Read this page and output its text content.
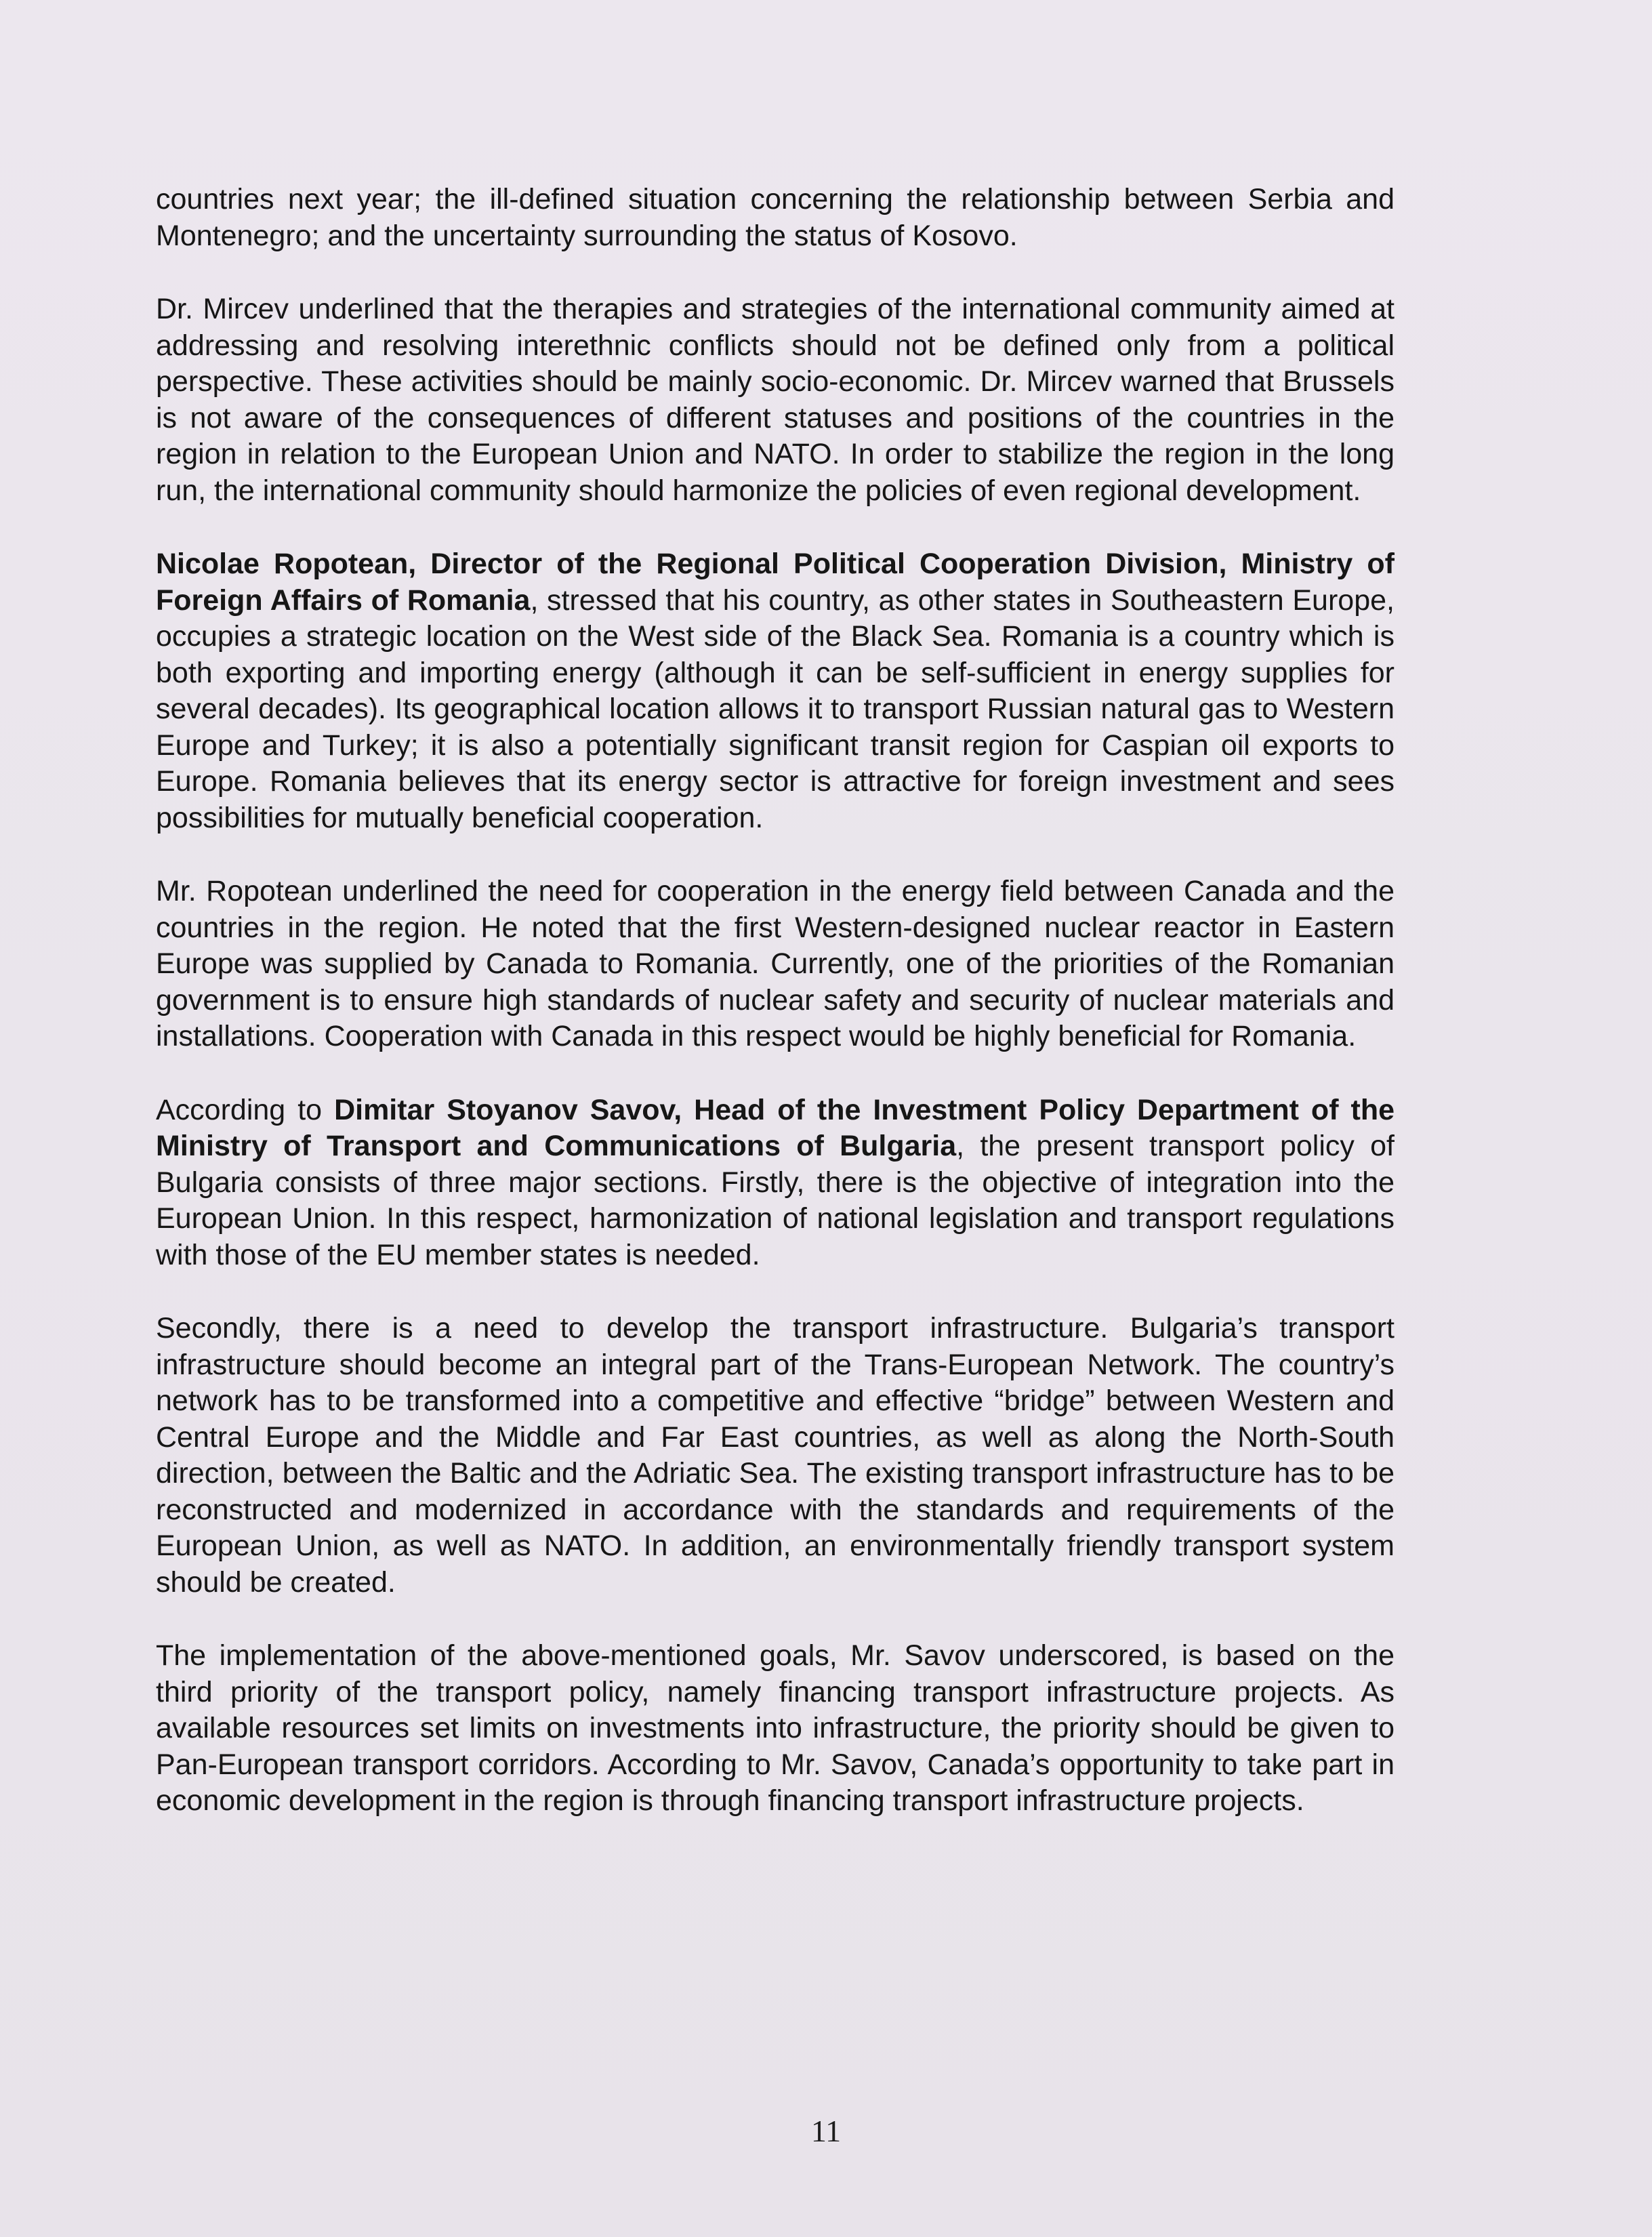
countries next year; the ill-defined situation concerning the relationship between Serbia and Montenegro; and the uncertainty surrounding the status of Kosovo.

Dr. Mircev underlined that the therapies and strategies of the international community aimed at addressing and resolving interethnic conflicts should not be defined only from a political perspective. These activities should be mainly socio-economic. Dr. Mircev warned that Brussels is not aware of the consequences of different statuses and positions of the countries in the region in relation to the European Union and NATO. In order to stabilize the region in the long run, the international community should harmonize the policies of even regional development.

Nicolae Ropotean, Director of the Regional Political Cooperation Division, Ministry of Foreign Affairs of Romania, stressed that his country, as other states in Southeastern Europe, occupies a strategic location on the West side of the Black Sea. Romania is a country which is both exporting and importing energy (although it can be self-sufficient in energy supplies for several decades). Its geographical location allows it to transport Russian natural gas to Western Europe and Turkey; it is also a potentially significant transit region for Caspian oil exports to Europe. Romania believes that its energy sector is attractive for foreign investment and sees possibilities for mutually beneficial cooperation.

Mr. Ropotean underlined the need for cooperation in the energy field between Canada and the countries in the region. He noted that the first Western-designed nuclear reactor in Eastern Europe was supplied by Canada to Romania. Currently, one of the priorities of the Romanian government is to ensure high standards of nuclear safety and security of nuclear materials and installations. Cooperation with Canada in this respect would be highly beneficial for Romania.

According to Dimitar Stoyanov Savov, Head of the Investment Policy Department of the Ministry of Transport and Communications of Bulgaria, the present transport policy of Bulgaria consists of three major sections. Firstly, there is the objective of integration into the European Union. In this respect, harmonization of national legislation and transport regulations with those of the EU member states is needed.

Secondly, there is a need to develop the transport infrastructure. Bulgaria’s transport infrastructure should become an integral part of the Trans-European Network. The country’s network has to be transformed into a competitive and effective “bridge” between Western and Central Europe and the Middle and Far East countries, as well as along the North-South direction, between the Baltic and the Adriatic Sea. The existing transport infrastructure has to be reconstructed and modernized in accordance with the standards and requirements of the European Union, as well as NATO. In addition, an environmentally friendly transport system should be created.

The implementation of the above-mentioned goals, Mr. Savov underscored, is based on the third priority of the transport policy, namely financing transport infrastructure projects. As available resources set limits on investments into infrastructure, the priority should be given to Pan-European transport corridors. According to Mr. Savov, Canada’s opportunity to take part in economic development in the region is through financing transport infrastructure projects.

11
